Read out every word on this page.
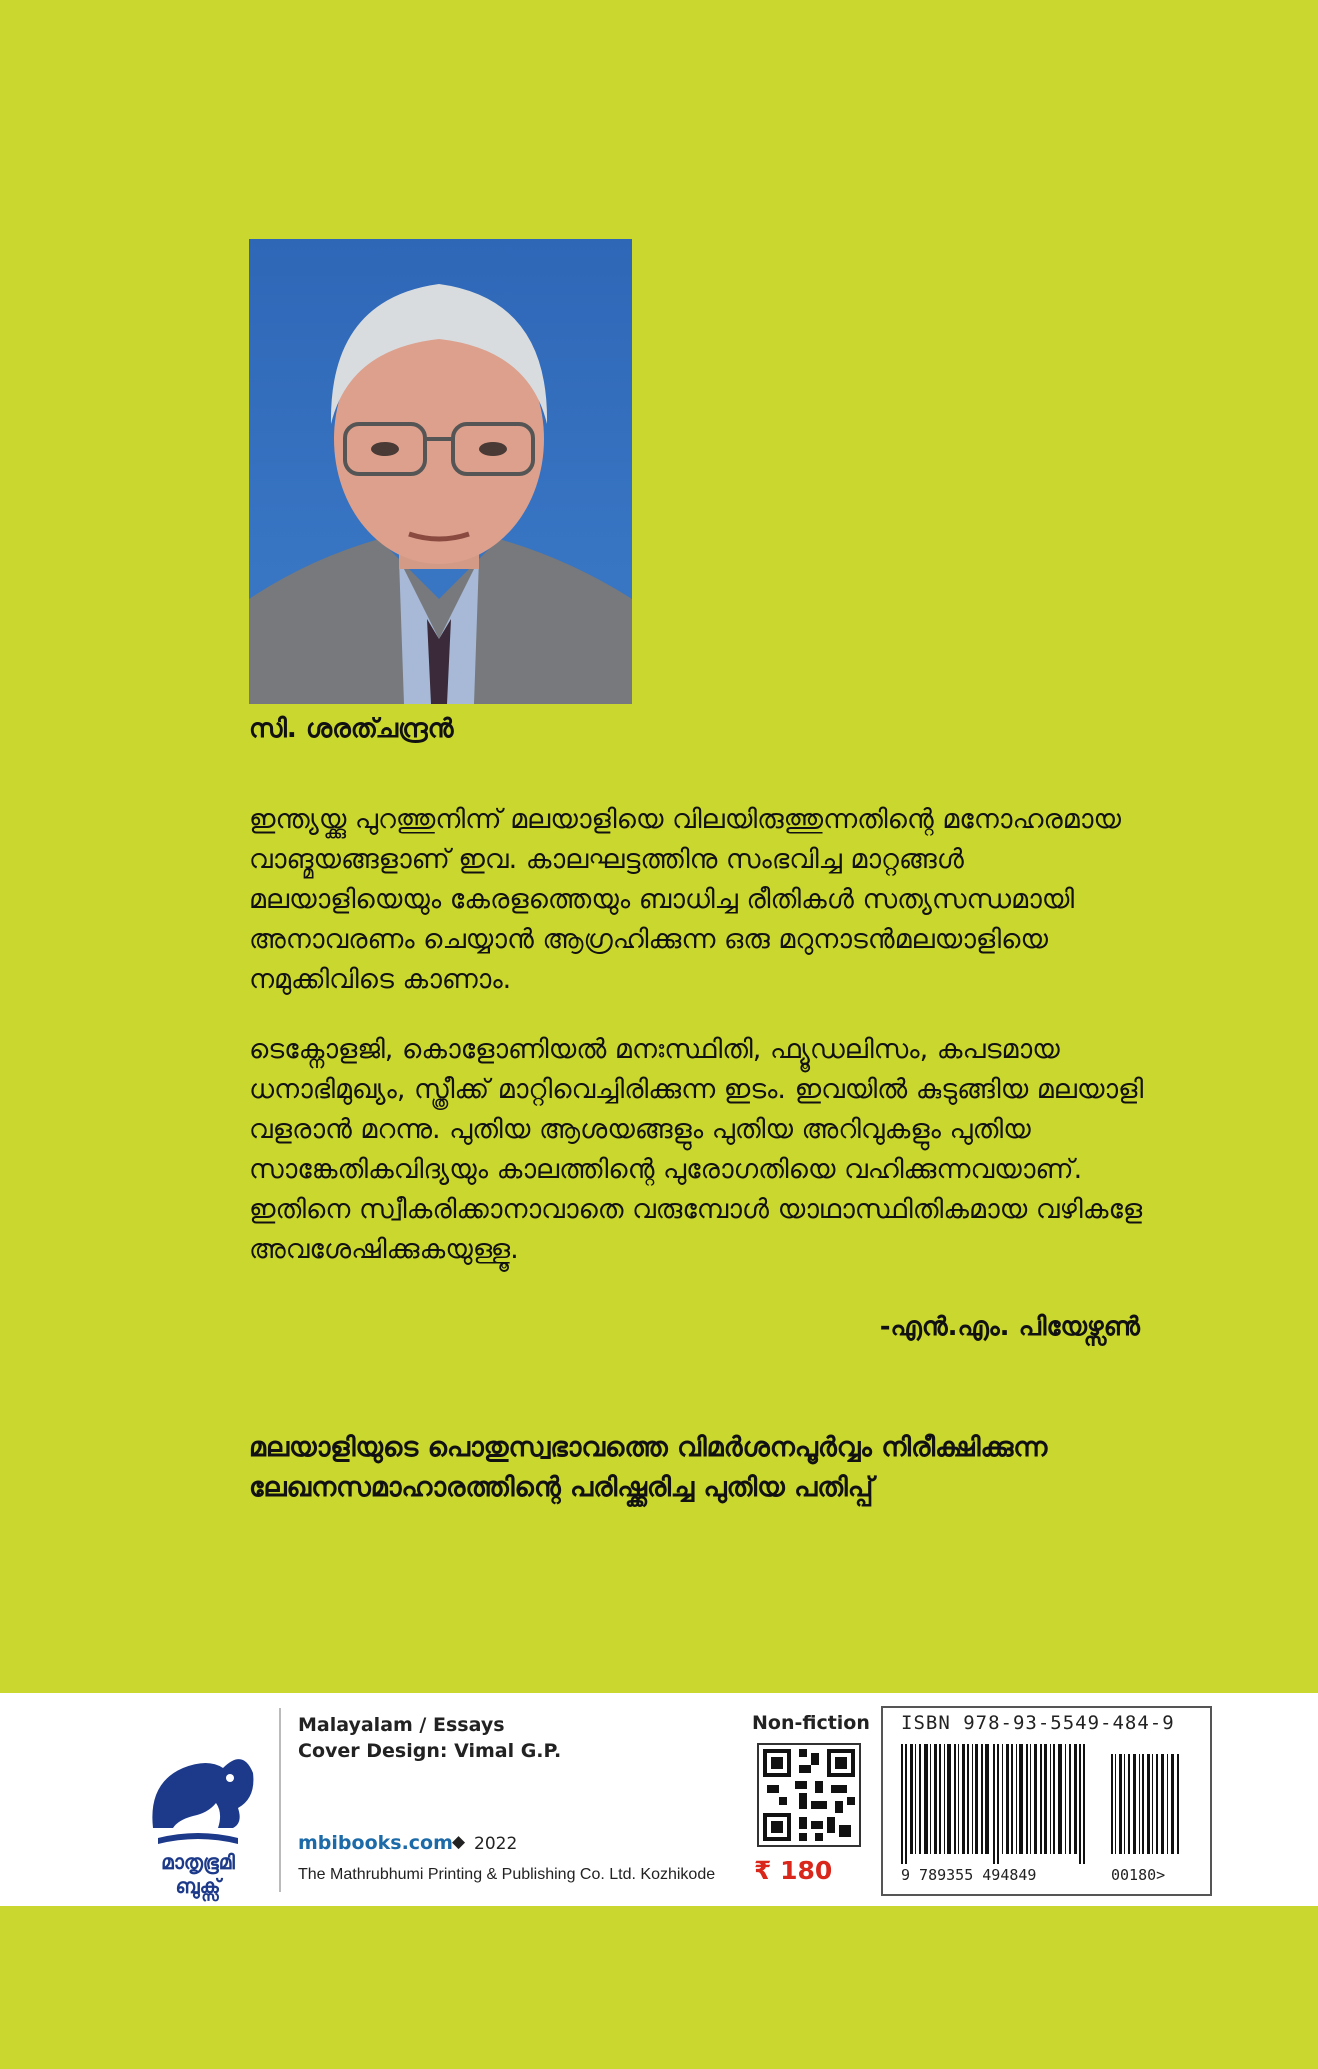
സി. ശരത്ചന്ദ്രൻ
ഇന്ത്യയ്ക്കു പുറത്തുനിന്ന് മലയാളിയെ വിലയിരുത്തുന്നതിന്റെ മനോഹരമായ വാങ്മയങ്ങളാണ് ഇവ. കാലഘട്ടത്തിനു സംഭവിച്ച മാറ്റങ്ങൾ മലയാളിയെയും കേരളത്തെയും ബാധിച്ച രീതികൾ സത്യസന്ധമായി അനാവരണം ചെയ്യാൻ ആഗ്രഹിക്കുന്ന ഒരു മറുനാടൻമലയാളിയെ നമുക്കിവിടെ കാണാം.
ടെക്നോളജി, കൊളോണിയൽ മനഃസ്ഥിതി, ഫ്യൂഡലിസം, കപടമായ ധനാഭിമുഖ്യം, സ്ത്രീക്ക് മാറ്റിവെച്ചിരിക്കുന്ന ഇടം. ഇവയിൽ കുടുങ്ങിയ മലയാളി വളരാൻ മറന്നു. പുതിയ ആശയങ്ങളും പുതിയ അറിവുകളും പുതിയ സാങ്കേതികവിദ്യയും കാലത്തിന്റെ പുരോഗതിയെ വഹിക്കുന്നവയാണ്. ഇതിനെ സ്വീകരിക്കാനാവാതെ വരുമ്പോൾ യാഥാസ്ഥിതികമായ വഴികളേ അവശേഷിക്കുകയുള്ളൂ.
-എൻ.എം. പിയേഴ്സൺ
മലയാളിയുടെ പൊതുസ്വഭാവത്തെ വിമർശനപൂർവ്വം നിരീക്ഷിക്കുന്ന ലേഖനസമാഹാരത്തിന്റെ പരിഷ്ക്കരിച്ച പുതിയ പതിപ്പ്
മാതൃഭൂമി ബുക്സ്
Malayalam / Essays
Cover Design: Vimal G.P.
mbibooks.com ◆ 2022
The Mathrubhumi Printing & Publishing Co. Ltd. Kozhikode
Non-fiction
₹ 180
ISBN 978-93-5549-484-9
9 789355 494849	00180>
